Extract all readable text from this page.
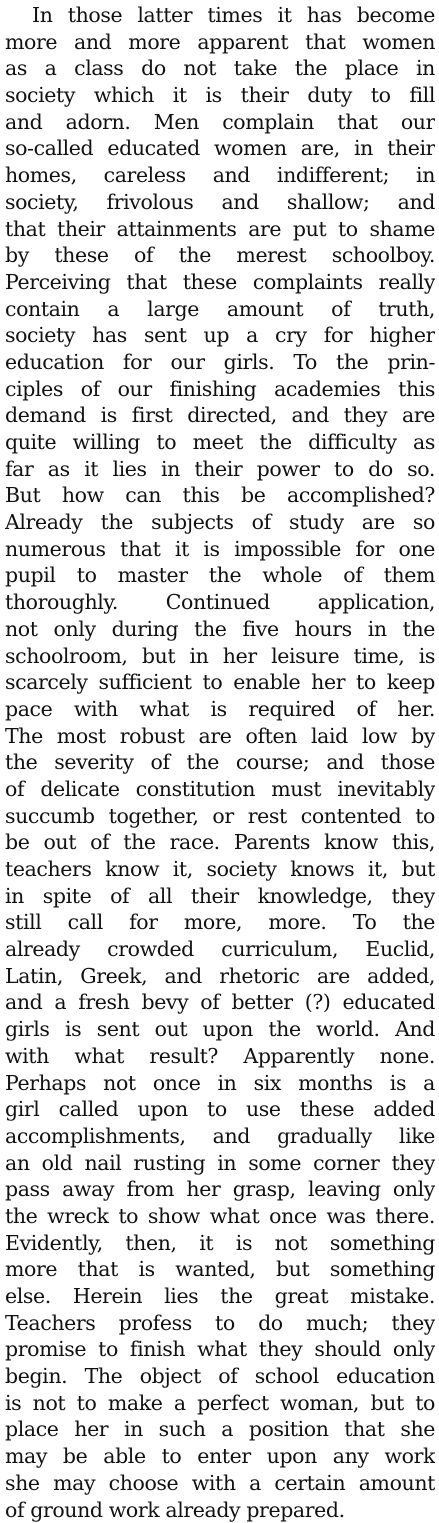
In those latter times it has become
more and more apparent that women
as a class do not take the place in
society which it is their duty to fill
and adorn. Men complain that our
so-called educated women are, in their
homes, careless and indifferent; in
society, frivolous and shallow; and
that their attainments are put to shame
by these of the merest schoolboy.
Perceiving that these complaints really
contain a large amount of truth,
society has sent up a cry for higher
education for our girls. To the prin-
ciples of our finishing academies this
demand is first directed, and they are
quite willing to meet the difficulty as
far as it lies in their power to do so.
But how can this be accomplished?
Already the subjects of study are so
numerous that it is impossible for one
pupil to master the whole of them
thoroughly. Continued application,
not only during the five hours in the
schoolroom, but in her leisure time, is
scarcely sufficient to enable her to keep
pace with what is required of her.
The most robust are often laid low by
the severity of the course; and those
of delicate constitution must inevitably
succumb together, or rest contented to
be out of the race. Parents know this,
teachers know it, society knows it, but
in spite of all their knowledge, they
still call for more, more. To the
already crowded curriculum, Euclid,
Latin, Greek, and rhetoric are added,
and a fresh bevy of better (?) educated
girls is sent out upon the world. And
with what result? Apparently none.
Perhaps not once in six months is a
girl called upon to use these added
accomplishments, and gradually like
an old nail rusting in some corner they
pass away from her grasp, leaving only
the wreck to show what once was there.
Evidently, then, it is not something
more that is wanted, but something
else. Herein lies the great mistake.
Teachers profess to do much; they
promise to finish what they should only
begin. The object of school education
is not to make a perfect woman, but to
place her in such a position that she
may be able to enter upon any work
she may choose with a certain amount
of ground work already prepared.
